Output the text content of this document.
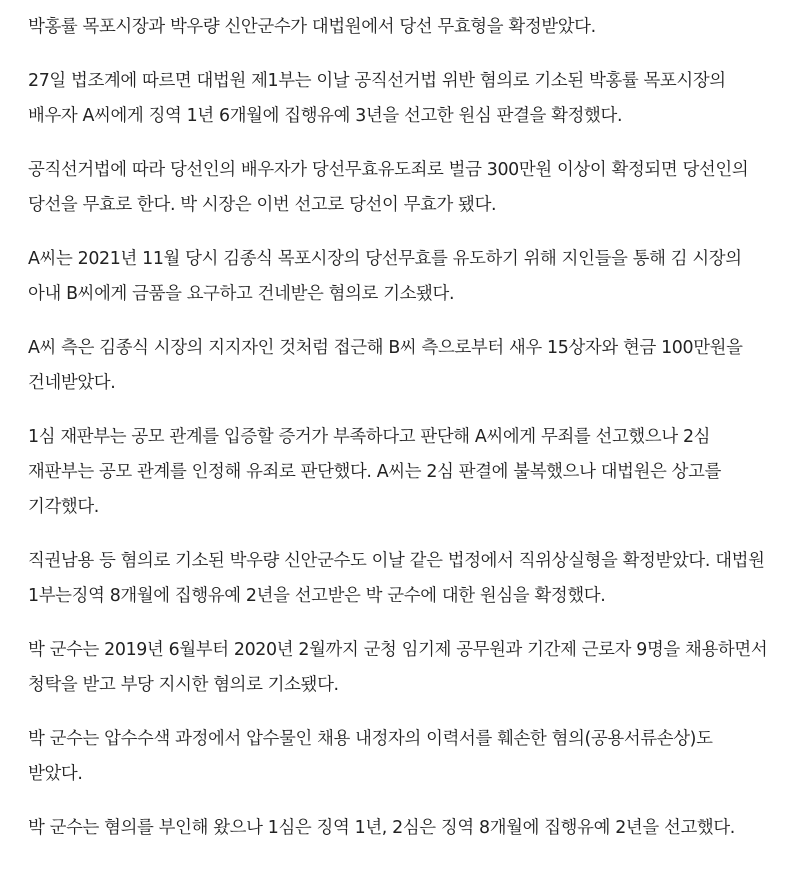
박홍률 목포시장과 박우량 신안군수가 대법원에서 당선 무효형을 확정받았다.

27일 법조계에 따르면 대법원 제1부는 이날 공직선거법 위반 혐의로 기소된 박홍률 목포시장의 배우자 A씨에게 징역 1년 6개월에 집행유예 3년을 선고한 원심 판결을 확정했다.

공직선거법에 따라 당선인의 배우자가 당선무효유도죄로 벌금 300만원 이상이 확정되면 당선인의 당선을 무효로 한다. 박 시장은 이번 선고로 당선이 무효가 됐다.

A씨는 2021년 11월 당시 김종식 목포시장의 당선무효를 유도하기 위해 지인들을 통해 김 시장의 아내 B씨에게 금품을 요구하고 건네받은 혐의로 기소됐다.

A씨 측은 김종식 시장의 지지자인 것처럼 접근해 B씨 측으로부터 새우 15상자와 현금 100만원을 건네받았다.

1심 재판부는 공모 관계를 입증할 증거가 부족하다고 판단해 A씨에게 무죄를 선고했으나 2심 재판부는 공모 관계를 인정해 유죄로 판단했다. A씨는 2심 판결에 불복했으나 대법원은 상고를 기각했다.

직권남용 등 혐의로 기소된 박우량 신안군수도 이날 같은 법정에서 직위상실형을 확정받았다. 대법원 1부는징역 8개월에 집행유예 2년을 선고받은 박 군수에 대한 원심을 확정했다.

박 군수는 2019년 6월부터 2020년 2월까지 군청 임기제 공무원과 기간제 근로자 9명을 채용하면서 청탁을 받고 부당 지시한 혐의로 기소됐다.

박 군수는 압수수색 과정에서 압수물인 채용 내정자의 이력서를 훼손한 혐의(공용서류손상)도 받았다.

박 군수는 혐의를 부인해 왔으나 1심은 징역 1년, 2심은 징역 8개월에 집행유예 2년을 선고했다.
